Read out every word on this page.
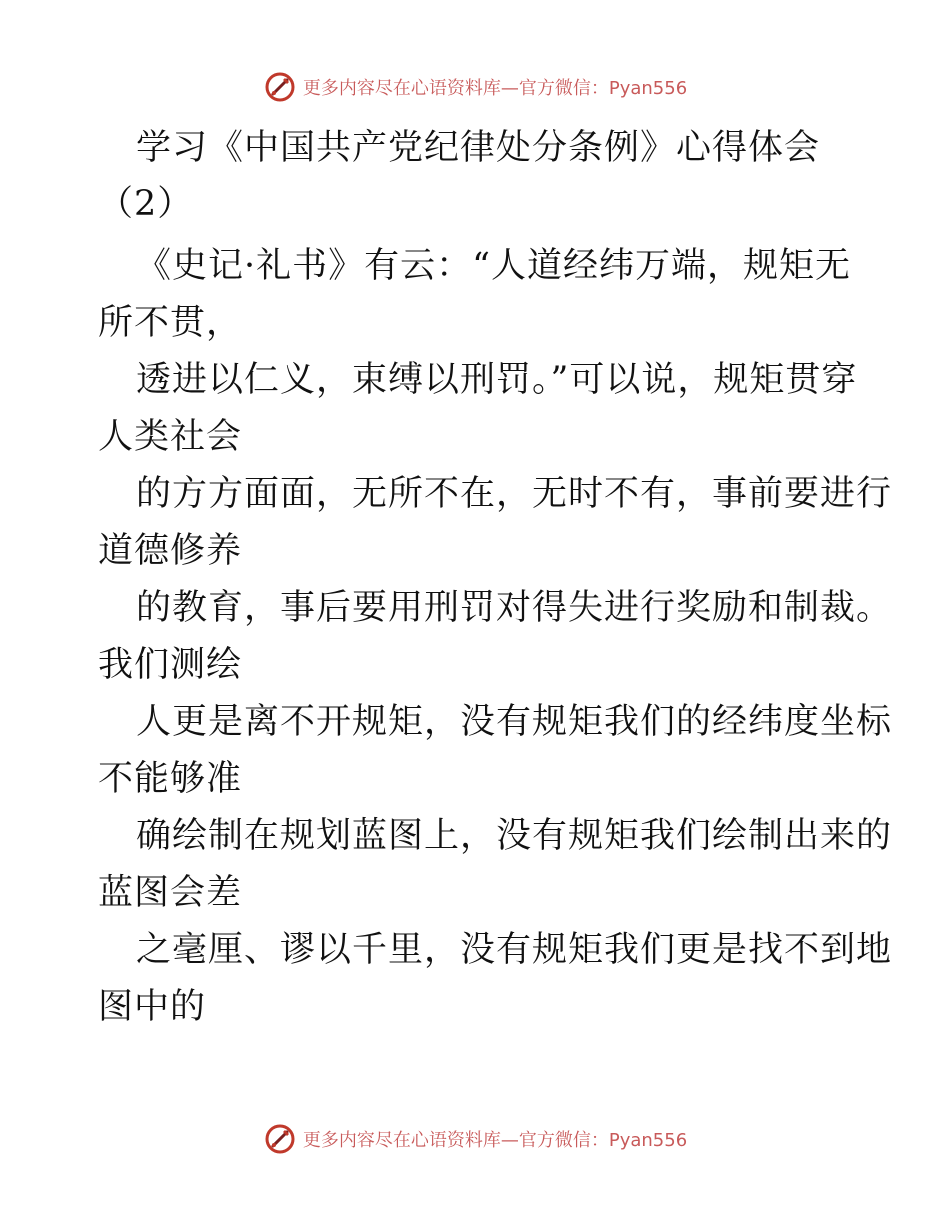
更多内容尽在心语资料库—官方微信：Pyan556
学习《中国共产党纪律处分条例》心得体会
（2）
《史记·礼书》有云：“人道经纬万端，规矩无
所不贯，
透进以仁义，束缚以刑罚。”可以说，规矩贯穿
人类社会
的方方面面，无所不在，无时不有，事前要进行
道德修养
的教育，事后要用刑罚对得失进行奖励和制裁。
我们测绘
人更是离不开规矩，没有规矩我们的经纬度坐标
不能够准
确绘制在规划蓝图上，没有规矩我们绘制出来的
蓝图会差
之毫厘、谬以千里，没有规矩我们更是找不到地
图中的
更多内容尽在心语资料库—官方微信：Pyan556
